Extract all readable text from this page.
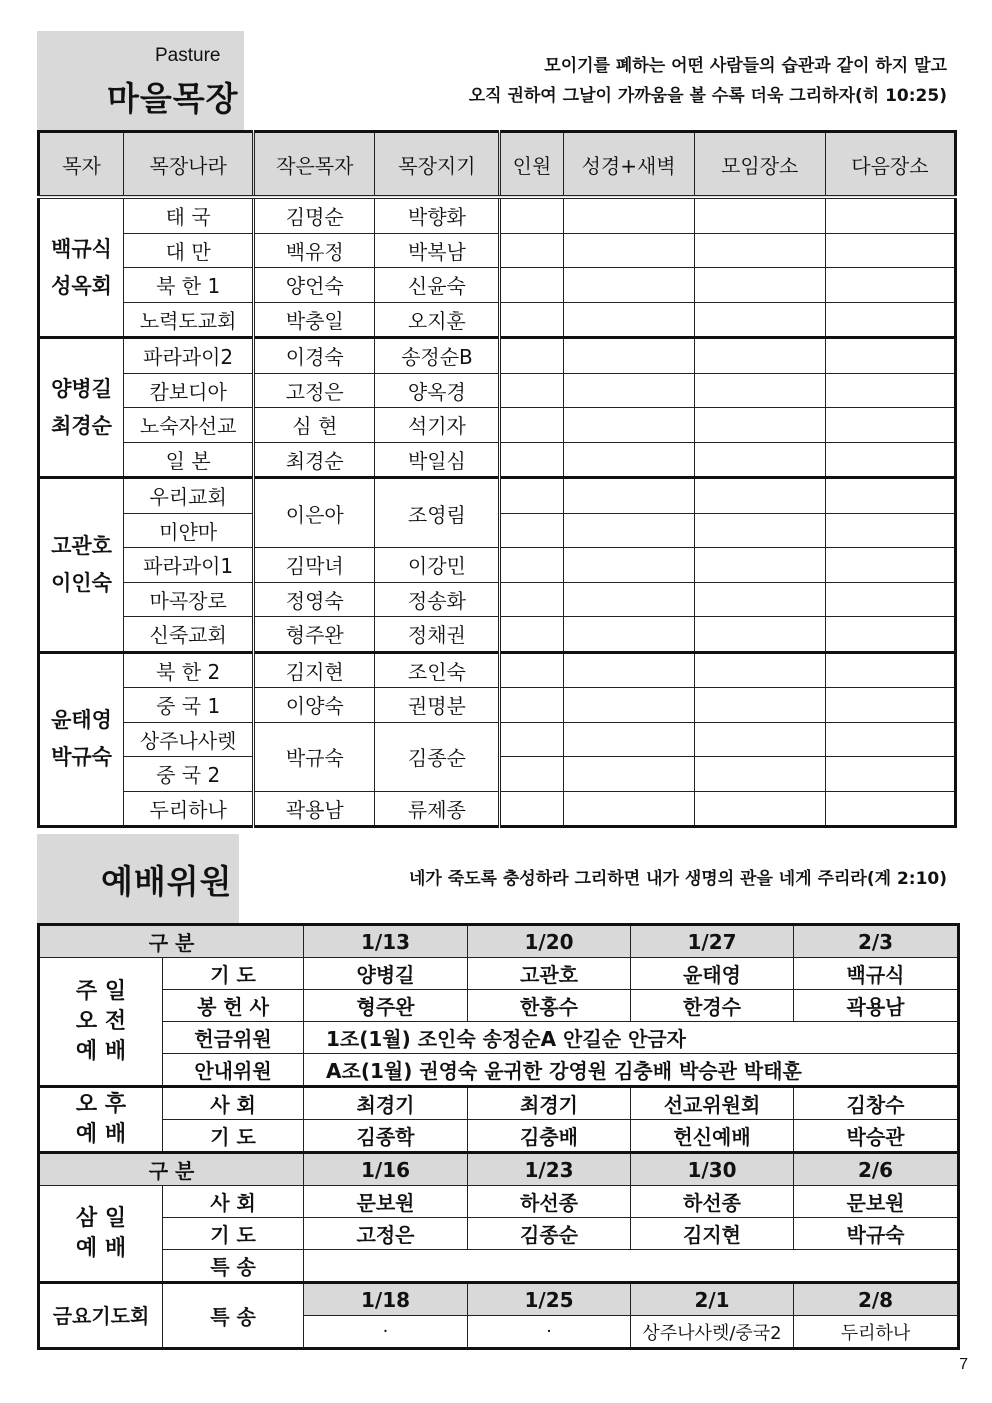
Pasture
마을목장
모이기를 폐하는 어떤 사람들의 습관과 같이 하지 말고
오직 권하여 그날이 가까움을 볼 수록 더욱 그리하자(히 10:25)
목자	목장나라	작은목자	목장지기	인원	성경+새벽	모임장소	다음장소

백규식
성옥회	태 국	김명순	박향화				
	대 만	백유정	박복남				
	북 한 1	양언숙	신윤숙				
	노력도교회	박충일	오지훈				

양병길
최경순	파라과이2	이경숙	송정순B				
	캄보디아	고정은	양옥경				
	노숙자선교	심 현	석기자				
	일 본	최경순	박일심				

고관호
이인숙	우리교회	이은아	조영림				
	미얀마						
	파라과이1	김막녀	이강민				
	마곡장로	정영숙	정송화				
	신죽교회	형주완	정채권				

윤태영
박규숙	북 한 2	김지현	조인숙				
	중 국 1	이양숙	권명분				
	상주나사렛	박규숙	김종순				
	중 국 2						
	두리하나	곽용남	류제종				
예배위원	네가 죽도록 충성하라 그리하면 내가 생명의 관을 네게 주리라(계 2:10)
구 분		1/13	1/20	1/27	2/3

주 일
오 전
예 배	기 도	양병길	고관호	윤태영	백규식
	봉 헌 사	형주완	한홍수	한경수	곽용남
	헌금위원	1조(1월) 조인숙 송정순A 안길순 안금자			
	안내위원	A조(1월) 권영숙 윤귀한 강영원 김충배 박승관 박태훈			

오 후
예 배	사 회	최경기	최경기	선교위원회	김창수
	기 도	김종학	김충배	헌신예배	박승관
구 분		1/16	1/23	1/30	2/6

삼 일
예 배	사 회	문보원	하선종	하선종	문보원
	기 도	고정은	김종순	김지현	박규숙
	특 송				
금요기도회	특 송	1/18	1/25	2/1	2/8
		·	·	상주나사렛/중국2	두리하나
7
